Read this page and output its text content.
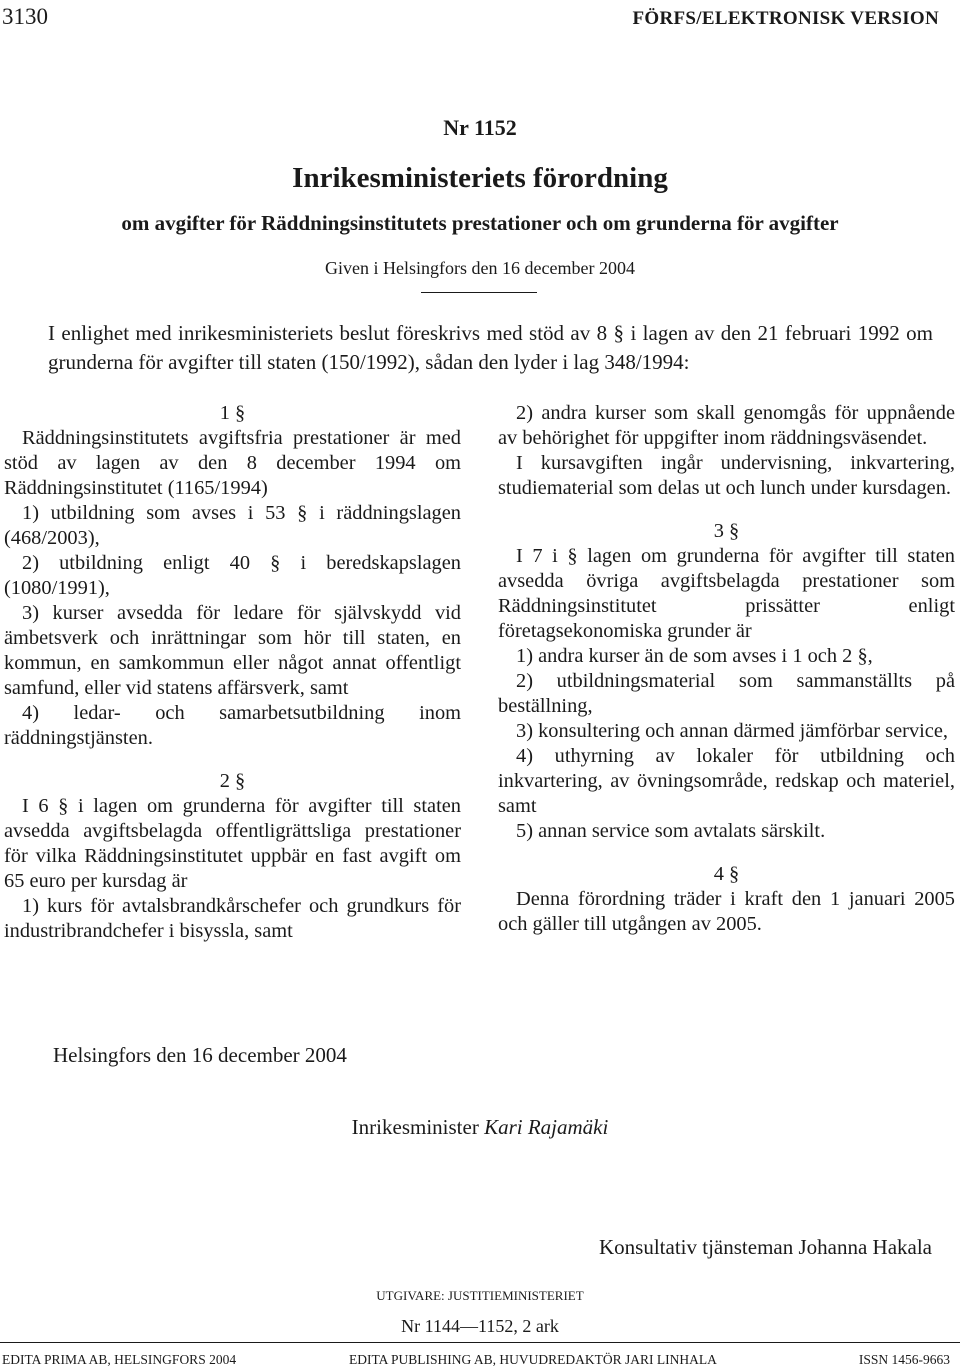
3130	FÖRFS/ELEKTRONISK VERSION
Nr 1152
Inrikesministeriets förordning
om avgifter för Räddningsinstitutets prestationer och om grunderna för avgifter
Given i Helsingfors den 16 december 2004
I enlighet med inrikesministeriets beslut föreskrivs med stöd av 8 § i lagen av den 21 februari 1992 om grunderna för avgifter till staten (150/1992), sådan den lyder i lag 348/1994:
1 §

Räddningsinstitutets avgiftsfria prestationer är med stöd av lagen av den 8 december 1994 om Räddningsinstitutet (1165/1994)

1) utbildning som avses i 53 § i räddningslagen (468/2003),

2) utbildning enligt 40 § i beredskapslagen (1080/1991),

3) kurser avsedda för ledare för självskydd vid ämbetsverk och inrättningar som hör till staten, en kommun, en samkommun eller något annat offentligt samfund, eller vid statens affärsverk, samt

4) ledar- och samarbetsutbildning inom räddningstjänsten.

2 §

I 6 § i lagen om grunderna för avgifter till staten avsedda avgiftsbelagda offentligrättsliga prestationer för vilka Räddningsinstitutet uppbär en fast avgift om 65 euro per kursdag är

1) kurs för avtalsbrandkårschefer och grundkurs för industribrandchefer i bisyssla, samt

2) andra kurser som skall genomgås för uppnående av behörighet för uppgifter inom räddningsväsendet.

I kursavgiften ingår undervisning, inkvartering, studiematerial som delas ut och lunch under kursdagen.

3 §

I 7 i § lagen om grunderna för avgifter till staten avsedda övriga avgiftsbelagda prestationer som Räddningsinstitutet prissätter enligt företagsekonomiska grunder är

1) andra kurser än de som avses i 1 och 2 §,

2) utbildningsmaterial som sammanställts på beställning,

3) konsultering och annan därmed jämförbar service,

4) uthyrning av lokaler för utbildning och inkvartering, av övningsområde, redskap och materiel, samt

5) annan service som avtalats särskilt.

4 §

Denna förordning träder i kraft den 1 januari 2005 och gäller till utgången av 2005.

Helsingfors den 16 december 2004
Inrikesminister Kari Rajamäki
Konsultativ tjänsteman Johanna Hakala
UTGIVARE: JUSTITIEMINISTERIET
Nr 1144—1152, 2 ark
EDITA PRIMA AB, HELSINGFORS 2004	EDITA PUBLISHING AB, HUVUDREDAKTÖR JARI LINHALA	ISSN 1456-9663
